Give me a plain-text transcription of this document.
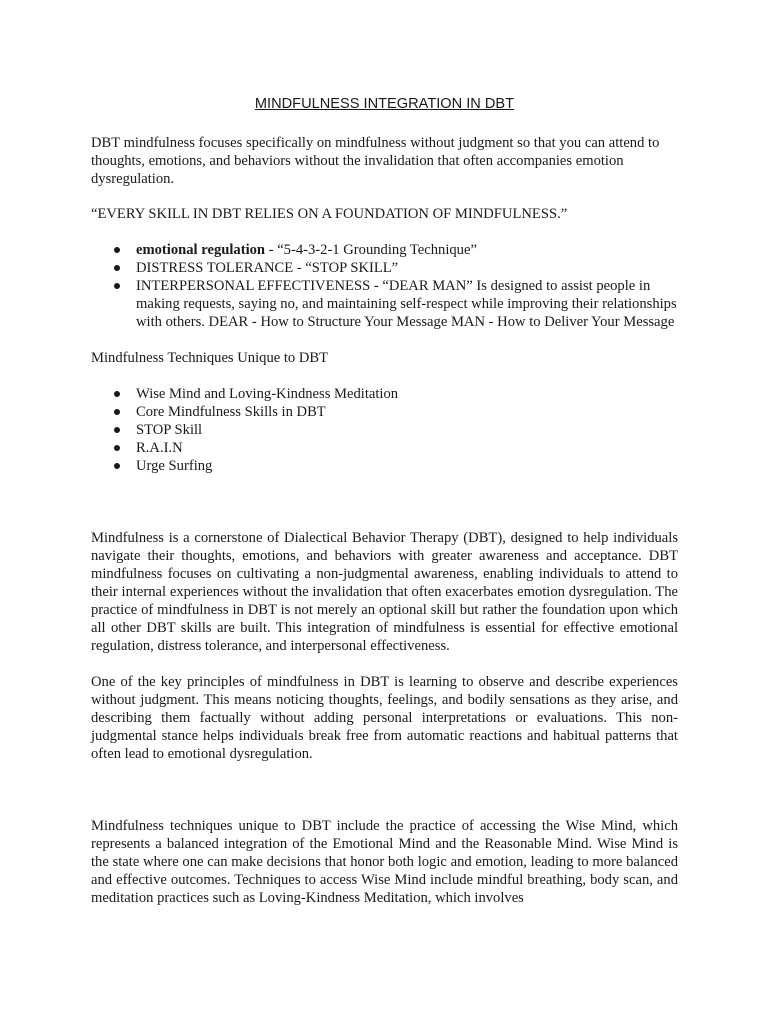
MINDFULNESS INTEGRATION IN DBT

DBT mindfulness focuses specifically on mindfulness without judgment so that you can attend to thoughts, emotions, and behaviors without the invalidation that often accompanies emotion dysregulation.

“EVERY SKILL IN DBT RELIES ON A FOUNDATION OF MINDFULNESS.”

emotional regulation - “5-4-3-2-1 Grounding Technique”
DISTRESS TOLERANCE - “STOP SKILL”
INTERPERSONAL EFFECTIVENESS - “DEAR MAN” Is designed to assist people in making requests, saying no, and maintaining self-respect while improving their relationships with others. DEAR - How to Structure Your Message MAN - How to Deliver Your Message

Mindfulness Techniques Unique to DBT

Wise Mind and Loving-Kindness Meditation
Core Mindfulness Skills in DBT
STOP Skill
R.A.I.N
Urge Surfing

Mindfulness is a cornerstone of Dialectical Behavior Therapy (DBT), designed to help individuals navigate their thoughts, emotions, and behaviors with greater awareness and acceptance. DBT mindfulness focuses on cultivating a non-judgmental awareness, enabling individuals to attend to their internal experiences without the invalidation that often exacerbates emotion dysregulation. The practice of mindfulness in DBT is not merely an optional skill but rather the foundation upon which all other DBT skills are built. This integration of mindfulness is essential for effective emotional regulation, distress tolerance, and interpersonal effectiveness.

One of the key principles of mindfulness in DBT is learning to observe and describe experiences without judgment. This means noticing thoughts, feelings, and bodily sensations as they arise, and describing them factually without adding personal interpretations or evaluations. This non-judgmental stance helps individuals break free from automatic reactions and habitual patterns that often lead to emotional dysregulation.

Mindfulness techniques unique to DBT include the practice of accessing the Wise Mind, which represents a balanced integration of the Emotional Mind and the Reasonable Mind. Wise Mind is the state where one can make decisions that honor both logic and emotion, leading to more balanced and effective outcomes. Techniques to access Wise Mind include mindful breathing, body scan, and meditation practices such as Loving-Kindness Meditation, which involves
